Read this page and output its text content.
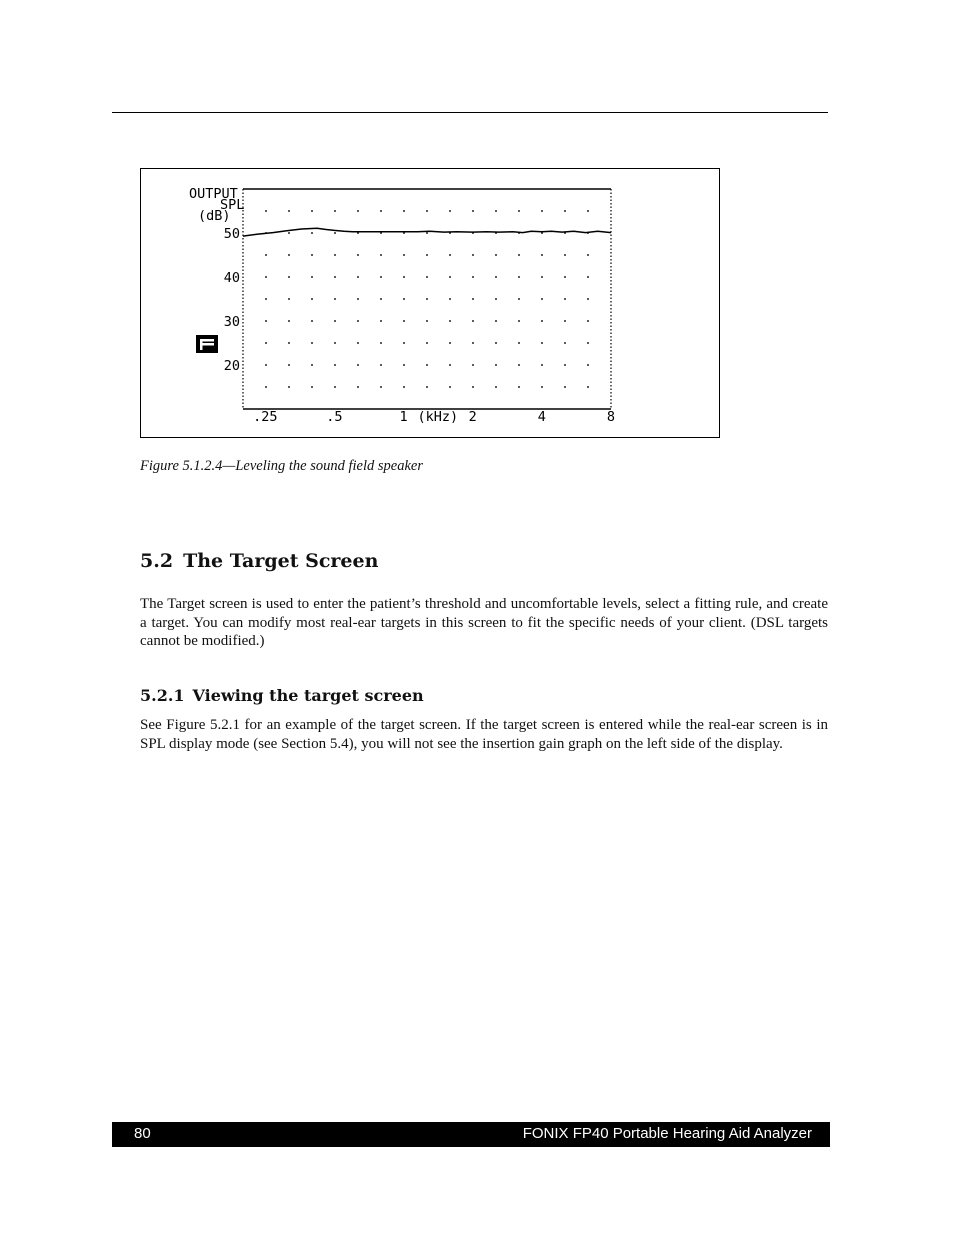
OUTPUT
SPL
(dB)
F
20
30
40
50
.25	.5	1	2	4	8
(kHz)
Figure 5.1.2.4—Leveling the sound field speaker
5.2 The Target Screen

The Target screen is used to enter the patient’s threshold and uncomfortable levels, select a fitting rule, and create a target. You can modify most real-ear targets in this screen to fit the specific needs of your client. (DSL targets cannot be modified.)

5.2.1 Viewing the target screen

See Figure 5.2.1 for an example of the target screen. If the target screen is entered while the real-ear screen is in SPL display mode (see Section 5.4), you will not see the insertion gain graph on the left side of the display.

80	FONIX FP40 Portable Hearing Aid Analyzer
